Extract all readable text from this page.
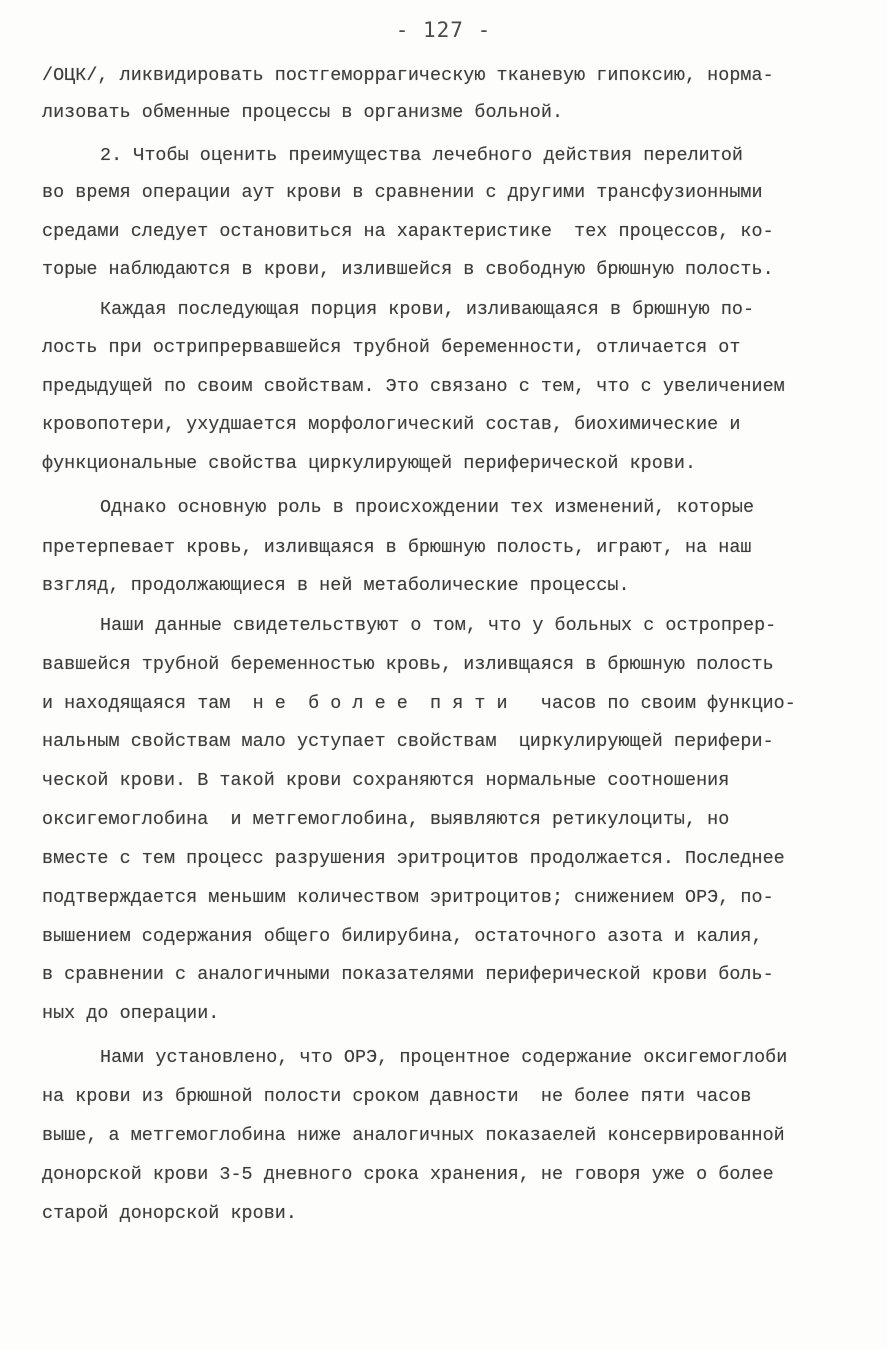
- 127 -
/ОЦК/, ликвидировать постгеморрагическую тканевую гипоксию, норма-
лизовать обменные процессы в организме больной.
2. Чтобы оценить преимущества лечебного действия перелитой
во время операции аут крови в сравнении с другими трансфузионными
средами следует остановиться на характеристике  тех процессов, ко-
торые наблюдаются в крови, излившейся в свободную брюшную полость.
Каждая последующая порция крови, изливающаяся в брюшную по-
лость при острипрервавшейся трубной беременности, отличается от
предыдущей по своим свойствам. Это связано с тем, что с увеличением
кровопотери, ухудшается морфологический состав, биохимические и
функциональные свойства циркулирующей периферической крови.
Однако основную роль в происхождении тех изменений, которые
претерпевает кровь, изливщаяся в брюшную полость, играют, на наш
взгляд, продолжающиеся в ней метаболические процессы.
Наши данные свидетельствуют о том, что у больных с остропрер-
вавшейся трубной беременностью кровь, изливщаяся в брюшную полость
и находящаяся там  н е  б о л е е  п я т и   часов по своим функцио-
нальным свойствам мало уступает свойствам  циркулирующей перифери-
ческой крови. В такой крови сохраняются нормальные соотношения
оксигемоглобина  и метгемоглобина, выявляются ретикулоциты, но
вместе с тем процесс разрушения эритроцитов продолжается. Последнее
подтверждается меньшим количеством эритроцитов; снижением ОРЭ, по-
вышением содержания общего билирубина, остаточного азота и калия,
в сравнении с аналогичными показателями периферической крови боль-
ных до операции.
Нами установлено, что ОРЭ, процентное содержание оксигемоглоби
на крови из брюшной полости сроком давности  не более пяти часов
выше, а метгемоглобина ниже аналогичных показаелей консервированной
донорской крови 3-5 дневного срока хранения, не говоря уже о более
старой донорской крови.
